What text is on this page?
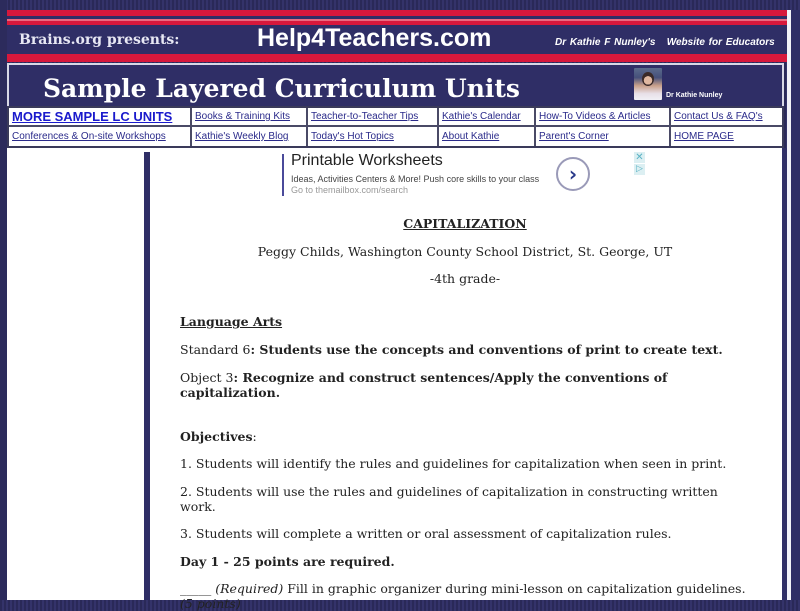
Brains.org presents:	Help4Teachers.com	Dr Kathie F Nunley's   Website for Educators
Sample Layered Curriculum Units	Dr Kathie Nunley
MORE SAMPLE LC UNITS	Books & Training Kits	Teacher-to-Teacher Tips	Kathie's Calendar	How-To Videos & Articles	Contact Us & FAQ's
Conferences & On-site Workshops	Kathie's Weekly Blog	Today's Hot Topics	About Kathie	Parent's Corner	HOME PAGE
Printable Worksheets
Ideas, Activities Centers & More! Push core skills to your class
Go to themailbox.com/search
›
✕
▷
CAPITALIZATION
Peggy Childs, Washington County School District, St. George, UT
-4th grade-

Language Arts

Standard 6: Students use the concepts and conventions of print to create text.

Object 3: Recognize and construct sentences/Apply the conventions of capitalization.

Objectives:

1. Students will identify the rules and guidelines for capitalization when seen in print.

2. Students will use the rules and guidelines of capitalization in constructing written work.

3. Students will complete a written or oral assessment of capitalization rules.

Day 1 - 25 points are required.

_____ (Required) Fill in graphic organizer during mini-lesson on capitalization guidelines.
(5 points)
